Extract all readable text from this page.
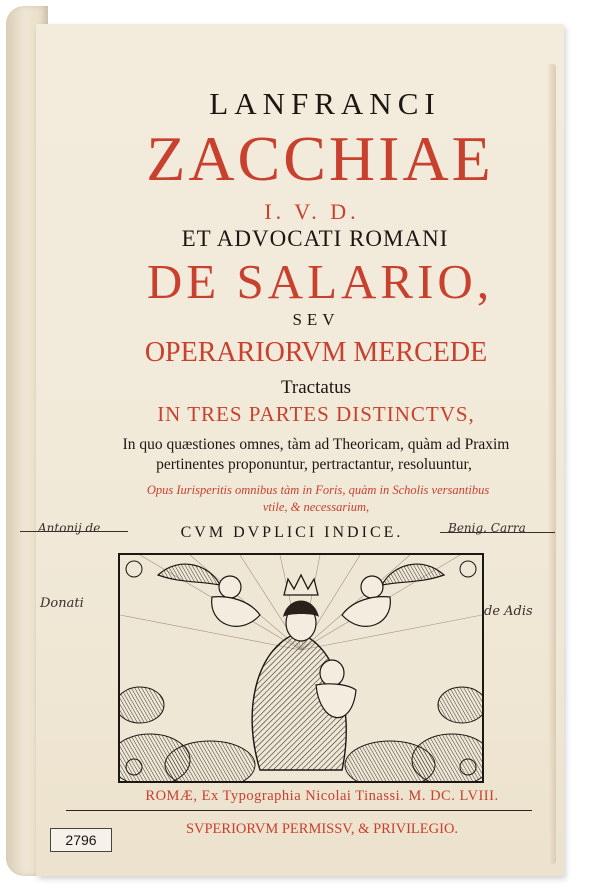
LANFRANCI
ZACCHIAE
I. V. D.
ET ADVOCATI ROMANI
DE SALARIO,
SEV
OPERARIORVM MERCEDE
Tractatus
IN TRES PARTES DISTINCTVS,
In quo quæstiones omnes, tàm ad Theoricam, quàm ad Praxim
pertinentes proponuntur, pertractantur, resoluuntur,
Opus Iurisperitis omnibus tàm in Foris, quàm in Scholis versantibus
vtile, & necessarium,
Antonij de	CVM DVPLICI INDICE.	Benig. Carra
Donati
de Adis
ROMÆ, Ex Typographia Nicolai Tinassi. M. DC. LVIII.
SVPERIORVM PERMISSV, & PRIVILEGIO.
2796
